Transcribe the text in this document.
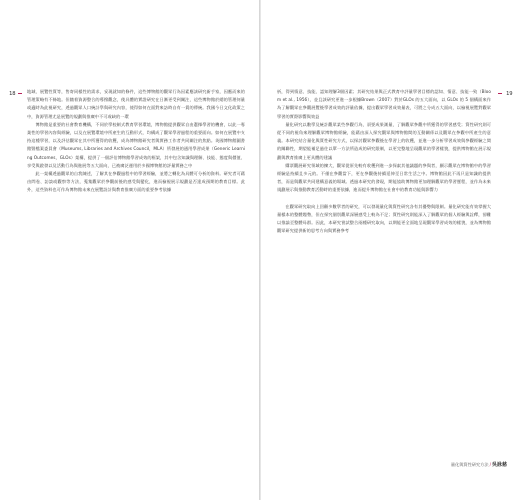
18	地域、展覽性質等，售寄同樣性的需求，妥現就知的條件，這些博物館的觀眾行為因素應該研究新手家，因應而來的管理策略有不條地。但隨着資源整合的導撥觀念，使具體的實證研究在日漸更受到關注，這些博物館於總的管理何量或適時為此視研究，透過觀眾人口統計學與研究內容，使得如何在面對來訪時自有一貫的傳統。我國今日文化政策之中，資源管理尤是展覽的規劃與推廣中不可或缺的一環

博物館是重要的社會教育機構，不同於學校制式教育學習環境，博物館提供觀眾自由選擇學習的機會，以此一專業性的學習內容與經驗，以及在展覽環境中所產生的互動形式，均構成了觀眾學習過程的重要面向。如何在展覽中支持這種學習，以及評估觀眾在其中所獲得的收穫，成為博物館研究者與實務工作者共同關注的焦點。英國博物館圖書館暨檔案委員會（Museums, Libraries and Archives Council，MLA）所發展的通用學習成果（Generic Learning Outcomes，GLOs）架構，提供了一個評估博物館學習成效的框架，其中包含知識與理解、技能、態度與價值、享受與啟發以及活動行為與進展等五大面向，已被廣泛運用於多國博物館的評量實務之中

此一架構透過觀眾的自我陳述，了解其在參觀過程中的學習經驗，並將之轉化為具體可分析的資料。研究者可藉由問卷、訪談或觀察等方法，蒐集觀眾於參觀前後的感受與變化，進而檢視展示規劃是否達成預期的教育目標。此外，這些資料也可作為博物館未來在展覽設計與教育推廣方面的重要參考依據

19

析，得到情意、技能、認知理解3個因素；其研究結果與正式教育中評量學習目標的認知、情意、技能一致（Bloom et al., 1956），並且該研究更進一步根據Brown（2007）對於GLOs 的五大面向，以 GLOs 的 5 個構面來作為了解觀眾在參觀展覽後學習成效的評量依據，提出觀眾學習成效量表，可將之分成五大面向，以檢視展覽對觀眾學習的實際影響與效益

量化研究以數學及統計觀眾某些參觀行為，須要成果測量，了解觀眾參觀中所獲得的學習感受；質性研究則可從不同的視角來理解觀眾博物館經驗，能藉由深入探究觀眾與博物館間的互動關係以及觀眾在參觀中所產生的意義。本研究結合量化與質性研究方式，以探討觀眾參觀後在學習上的收穫，並進一步分析學習成效與參觀經驗之間的關聯性，期望能補足過往以單一方法所造成的研究限制，以更完整地呈現觀眾的學習樣貌，提供博物館在展示規劃與教育推廣上更具體的建議

購票觀展研究領域的擴大，觀眾從原先較有收穫到進一步探索其他議題的參與者，顯示觀眾在博物館中的學習經驗是持續且多元的。不僅在參觀當下，更在參觀後持續延伸至日常生活之中。博物館因此不再只是知識的提供者，而是與觀眾共同建構意義的場域。透過本研究的發現，期能協助博物館更加理解觀眾的學習歷程，並作為未來規劃展示與推動教育活動時的重要依據，進而提升博物館在社會中的教育功能與影響力

在觀眾研究取向上回顧多數學者的研究，可以發現量化與質性研究各有其優勢與限制。量化研究能有效掌握大量樣本的整體趨勢，但在探究個別觀眾深層感受上較為不足；質性研究則能深入了解觀眾的個人經驗與詮釋，卻難以推論至整體母群。因此，本研究嘗試整合兩種研究取向，以期能更全面地呈現觀眾學習成效的樣貌，並為博物館觀眾研究提供新的思考方向與實務參考

量化與質性研究方法/吳詠慈
